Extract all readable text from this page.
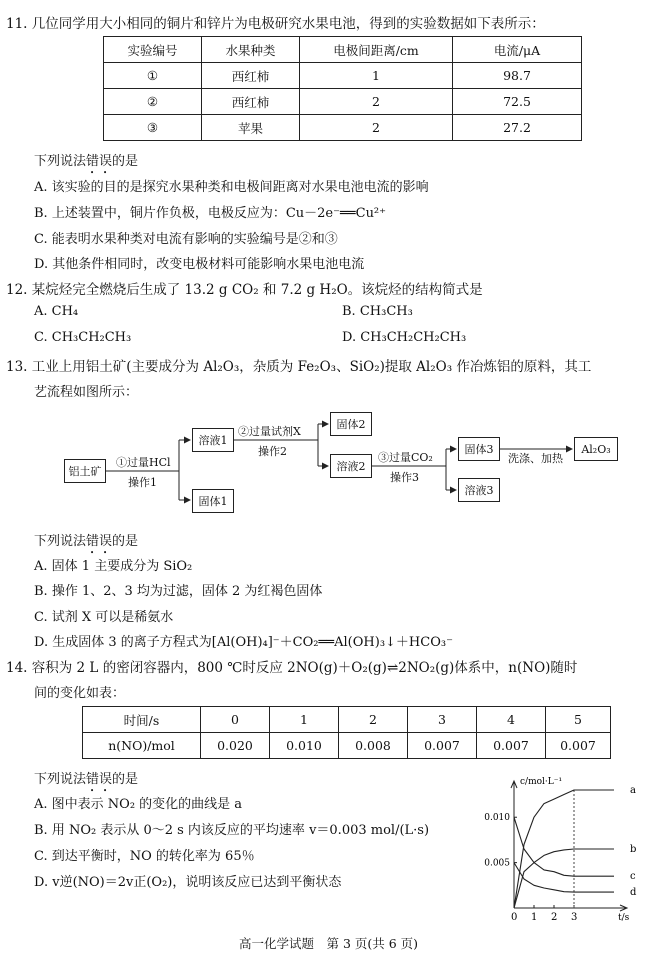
11. 几位同学用大小相同的铜片和锌片为电极研究水果电池，得到的实验数据如下表所示：
实验编号	水果种类	电极间距离/cm	电流/μA
①	西红柿	1	98.7
②	西红柿	2	72.5
③	苹果	2	27.2
下列说法错误的是
A. 该实验的目的是探究水果种类和电极间距离对水果电池电流的影响
B. 上述装置中，铜片作负极，电极反应为：Cu－2e⁻══Cu²⁺
C. 能表明水果种类对电流有影响的实验编号是②和③
D. 其他条件相同时，改变电极材料可能影响水果电池电流
12. 某烷烃完全燃烧后生成了 13.2 g CO₂ 和 7.2 g H₂O。该烷烃的结构简式是
A. CH₄	B. CH₃CH₃
C. CH₃CH₂CH₃	D. CH₃CH₂CH₂CH₃
13. 工业上用铝土矿(主要成分为 Al₂O₃，杂质为 Fe₂O₃、SiO₂)提取 Al₂O₃ 作冶炼铝的原料，其工
艺流程如图所示：
铝土矿
①过量HCl
操作1
溶液1
固体1
②过量试剂X
操作2
固体2
溶液2
③过量CO₂
操作3
固体3
溶液3
洗涤、加热
Al₂O₃
下列说法错误的是
A. 固体 1 主要成分为 SiO₂
B. 操作 1、2、3 均为过滤，固体 2 为红褐色固体
C. 试剂 X 可以是稀氨水
D. 生成固体 3 的离子方程式为[Al(OH)₄]⁻＋CO₂══Al(OH)₃↓＋HCO₃⁻
14. 容积为 2 L 的密闭容器内，800 ℃时反应 2NO(g)＋O₂(g)⇌2NO₂(g)体系中，n(NO)随时
间的变化如表：
时间/s	0	1	2	3	4	5
n(NO)/mol	0.020	0.010	0.008	0.007	0.007	0.007
下列说法错误的是
A. 图中表示 NO₂ 的变化的曲线是 a
B. 用 NO₂ 表示从 0～2 s 内该反应的平均速率 v＝0.003 mol/(L·s)
C. 到达平衡时，NO 的转化率为 65％
D. v逆(NO)＝2v正(O₂)，说明该反应已达到平衡状态
c/mol·L⁻¹
t/s
0 1 2 3
0.005
0.010
a
b
c
d
高一化学试题　第 3 页(共 6 页)
